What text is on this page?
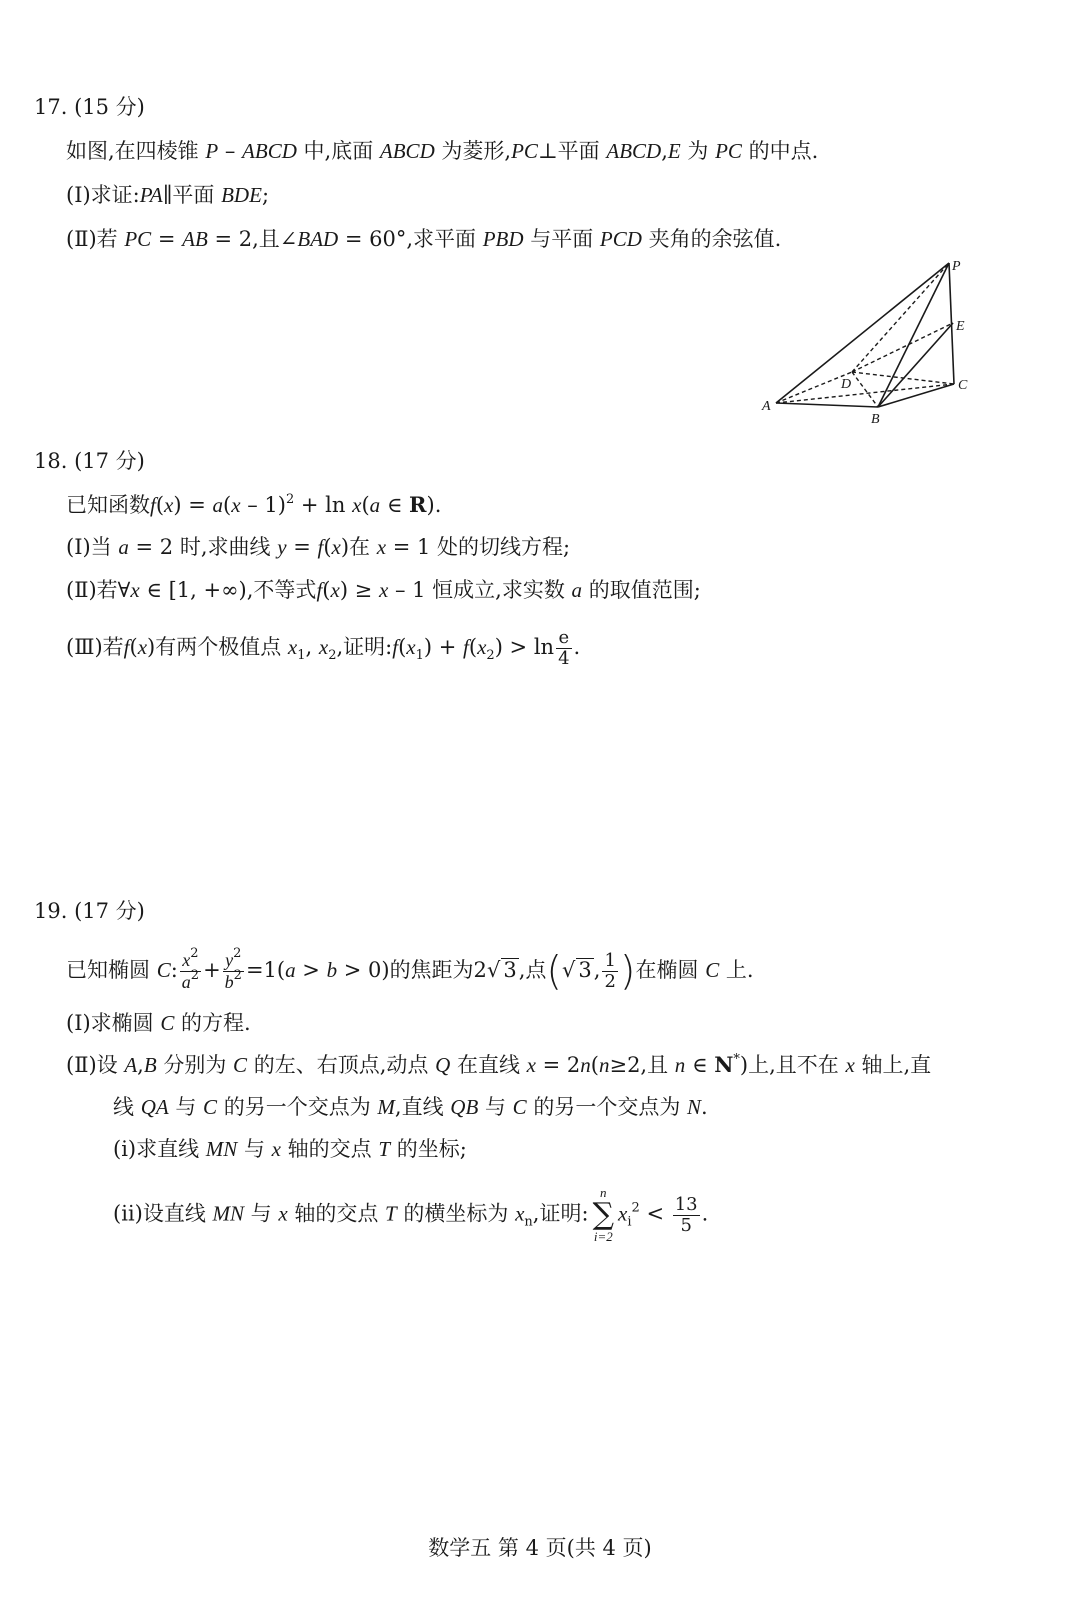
17. (15 分)
如图,在四棱锥 P – ABCD 中,底面 ABCD 为菱形,PC⊥平面 ABCD,E 为 PC 的中点.
(Ⅰ)求证:PA∥平面 BDE;
(Ⅱ)若 PC = AB = 2,且∠BAD = 60°,求平面 PBD 与平面 PCD 夹角的余弦值.
P
E
D	C
A
B
18. (17 分)
已知函数f(x) = a(x – 1)$^2$ + ln x(a ∈ R).
(Ⅰ)当 a = 2 时,求曲线 y = f(x)在 x = 1 处的切线方程;
(Ⅱ)若∀x ∈ [1, +∞),不等式f(x) ≥ x – 1 恒成立,求实数 a 的取值范围;
(Ⅲ)若f(x)有两个极值点 $x_1$, $x_2$,证明$:f(x_1) + f(x_2) > \ln \frac{e}{4}$ .
19. (17 分)
已知椭圆 C: $\frac{x^2}{a^2} + \frac{y^2}{b^2} =1(a > b > 0)$的焦距为2√ 3,点(√ 3, $\frac{1}{2}$ )在椭圆 C 上.
(Ⅰ)求椭圆 C 的方程.
(Ⅱ)设 A,B 分别为 C 的左、右顶点,动点 Q 在直线 x = 2n(n≥2,且 n ∈ N*)上,且不在 x 轴上,直
线 QA 与 C 的另一个交点为 M,直线 QB 与 C 的另一个交点为 N.
(ⅰ)求直线 MN 与 x 轴的交点 T 的坐标;
(ⅱ)设直线 MN 与 x 轴的交点 T 的横坐标为 $x_n$,证明:
n
∑
i=2
$x_i^2 < \frac{13}{5}$ .
数学五 第 4 页(共 4 页)
